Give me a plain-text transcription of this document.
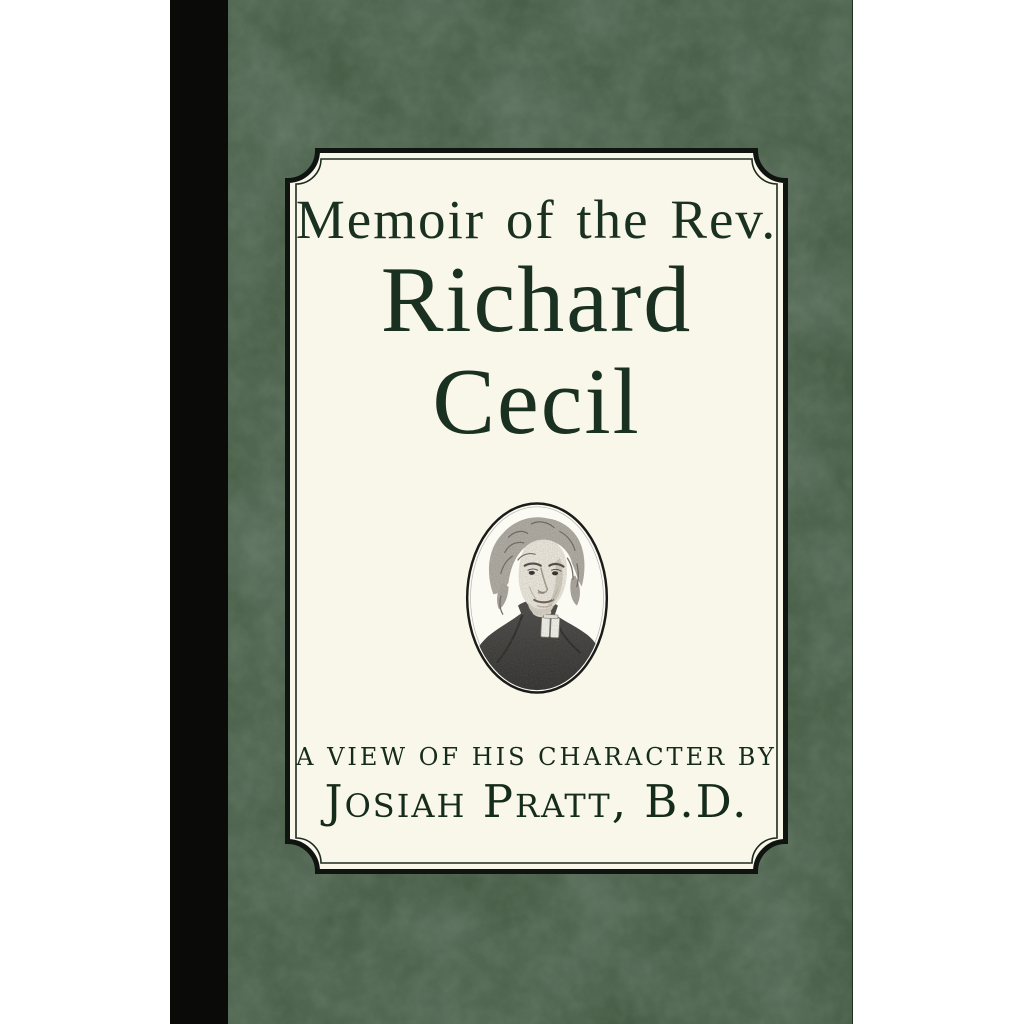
Memoir of the Rev.
Richard
Cecil
A VIEW OF HIS CHARACTER BY
Josiah Pratt, B.D.
